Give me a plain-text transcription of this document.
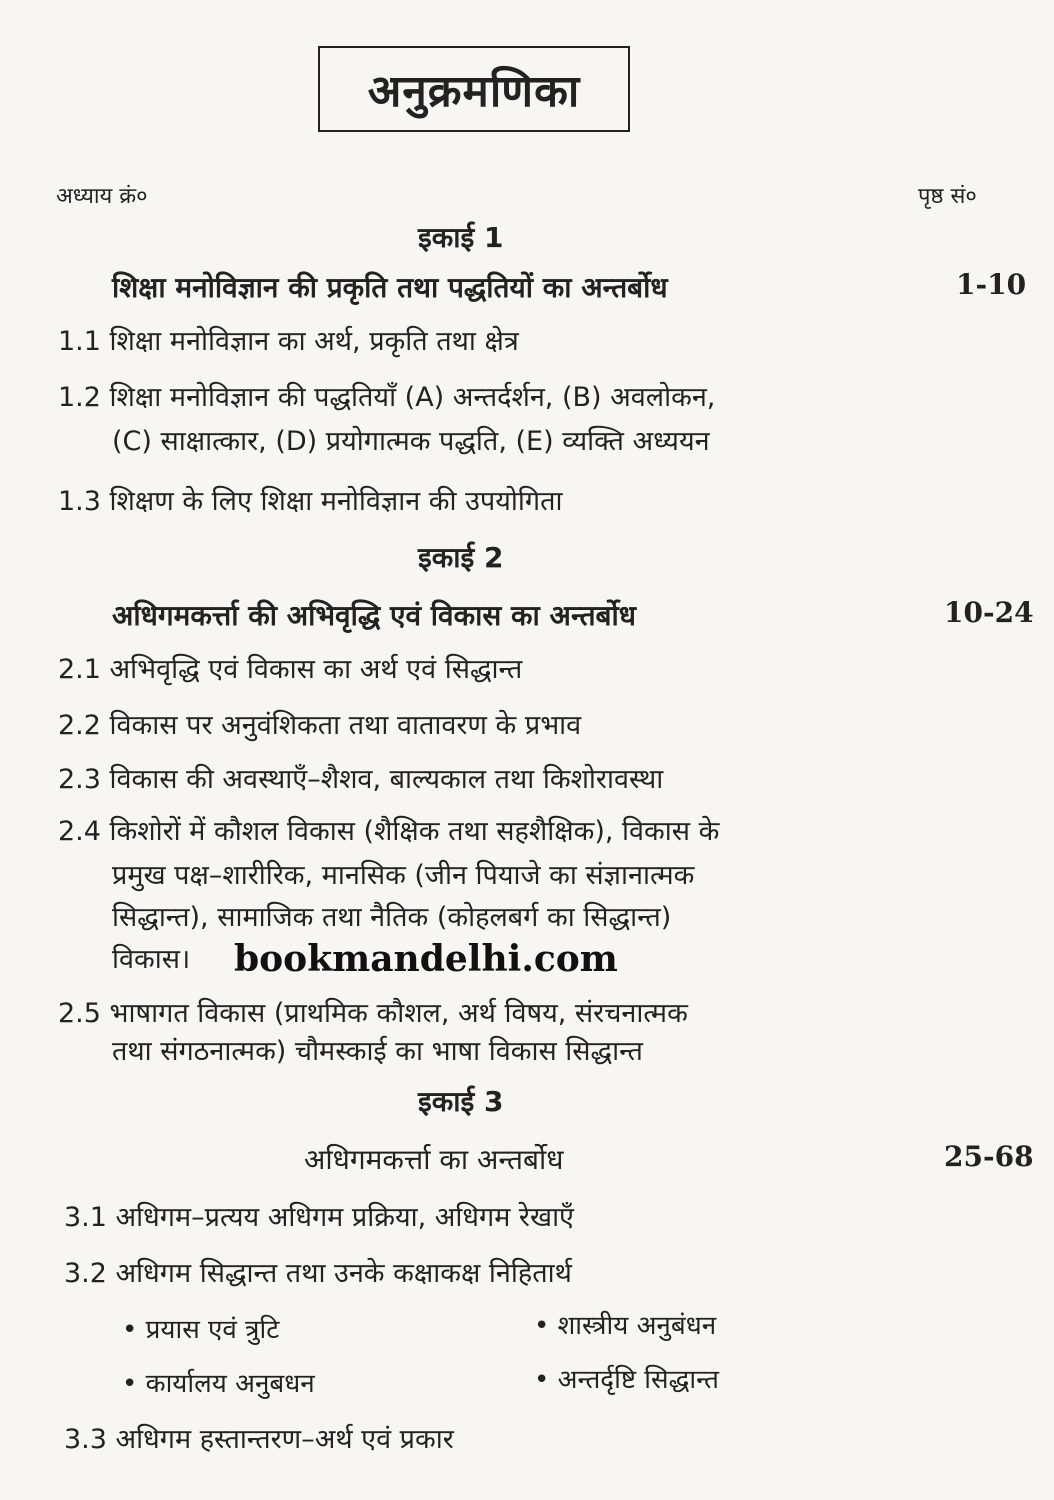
अनुक्रमणिका
अध्याय क्रं०	पृष्ठ सं०
इकाई 1
शिक्षा मनोविज्ञान की प्रकृति तथा पद्धतियों का अन्तर्बोध	1-10
1.1 शिक्षा मनोविज्ञान का अर्थ, प्रकृति तथा क्षेत्र
1.2 शिक्षा मनोविज्ञान की पद्धतियाँ (A) अन्तर्दर्शन, (B) अवलोकन,
(C) साक्षात्कार, (D) प्रयोगात्मक पद्धति, (E) व्यक्ति अध्ययन
1.3 शिक्षण के लिए शिक्षा मनोविज्ञान की उपयोगिता
इकाई 2
अधिगमकर्त्ता की अभिवृद्धि एवं विकास का अन्तर्बोध	10-24
2.1 अभिवृद्धि एवं विकास का अर्थ एवं सिद्धान्त
2.2 विकास पर अनुवंशिकता तथा वातावरण के प्रभाव
2.3 विकास की अवस्थाएँ–शैशव, बाल्यकाल तथा किशोरावस्था
2.4 किशोरों में कौशल विकास (शैक्षिक तथा सहशैक्षिक), विकास के
प्रमुख पक्ष–शारीरिक, मानसिक (जीन पियाजे का संज्ञानात्मक
सिद्धान्त), सामाजिक तथा नैतिक (कोहलबर्ग का सिद्धान्त)
विकास। bookmandelhi.com
2.5 भाषागत विकास (प्राथमिक कौशल, अर्थ विषय, संरचनात्मक
तथा संगठनात्मक) चौमस्काई का भाषा विकास सिद्धान्त
इकाई 3
अधिगमकर्त्ता का अन्तर्बोध	25-68
3.1 अधिगम–प्रत्यय अधिगम प्रक्रिया, अधिगम रेखाएँ
3.2 अधिगम सिद्धान्त तथा उनके कक्षाकक्ष निहितार्थ
• प्रयास एवं त्रुटि	• शास्त्रीय अनुबंधन
• कार्यालय अनुबधन	• अन्तर्दृष्टि सिद्धान्त
3.3 अधिगम हस्तान्तरण–अर्थ एवं प्रकार
